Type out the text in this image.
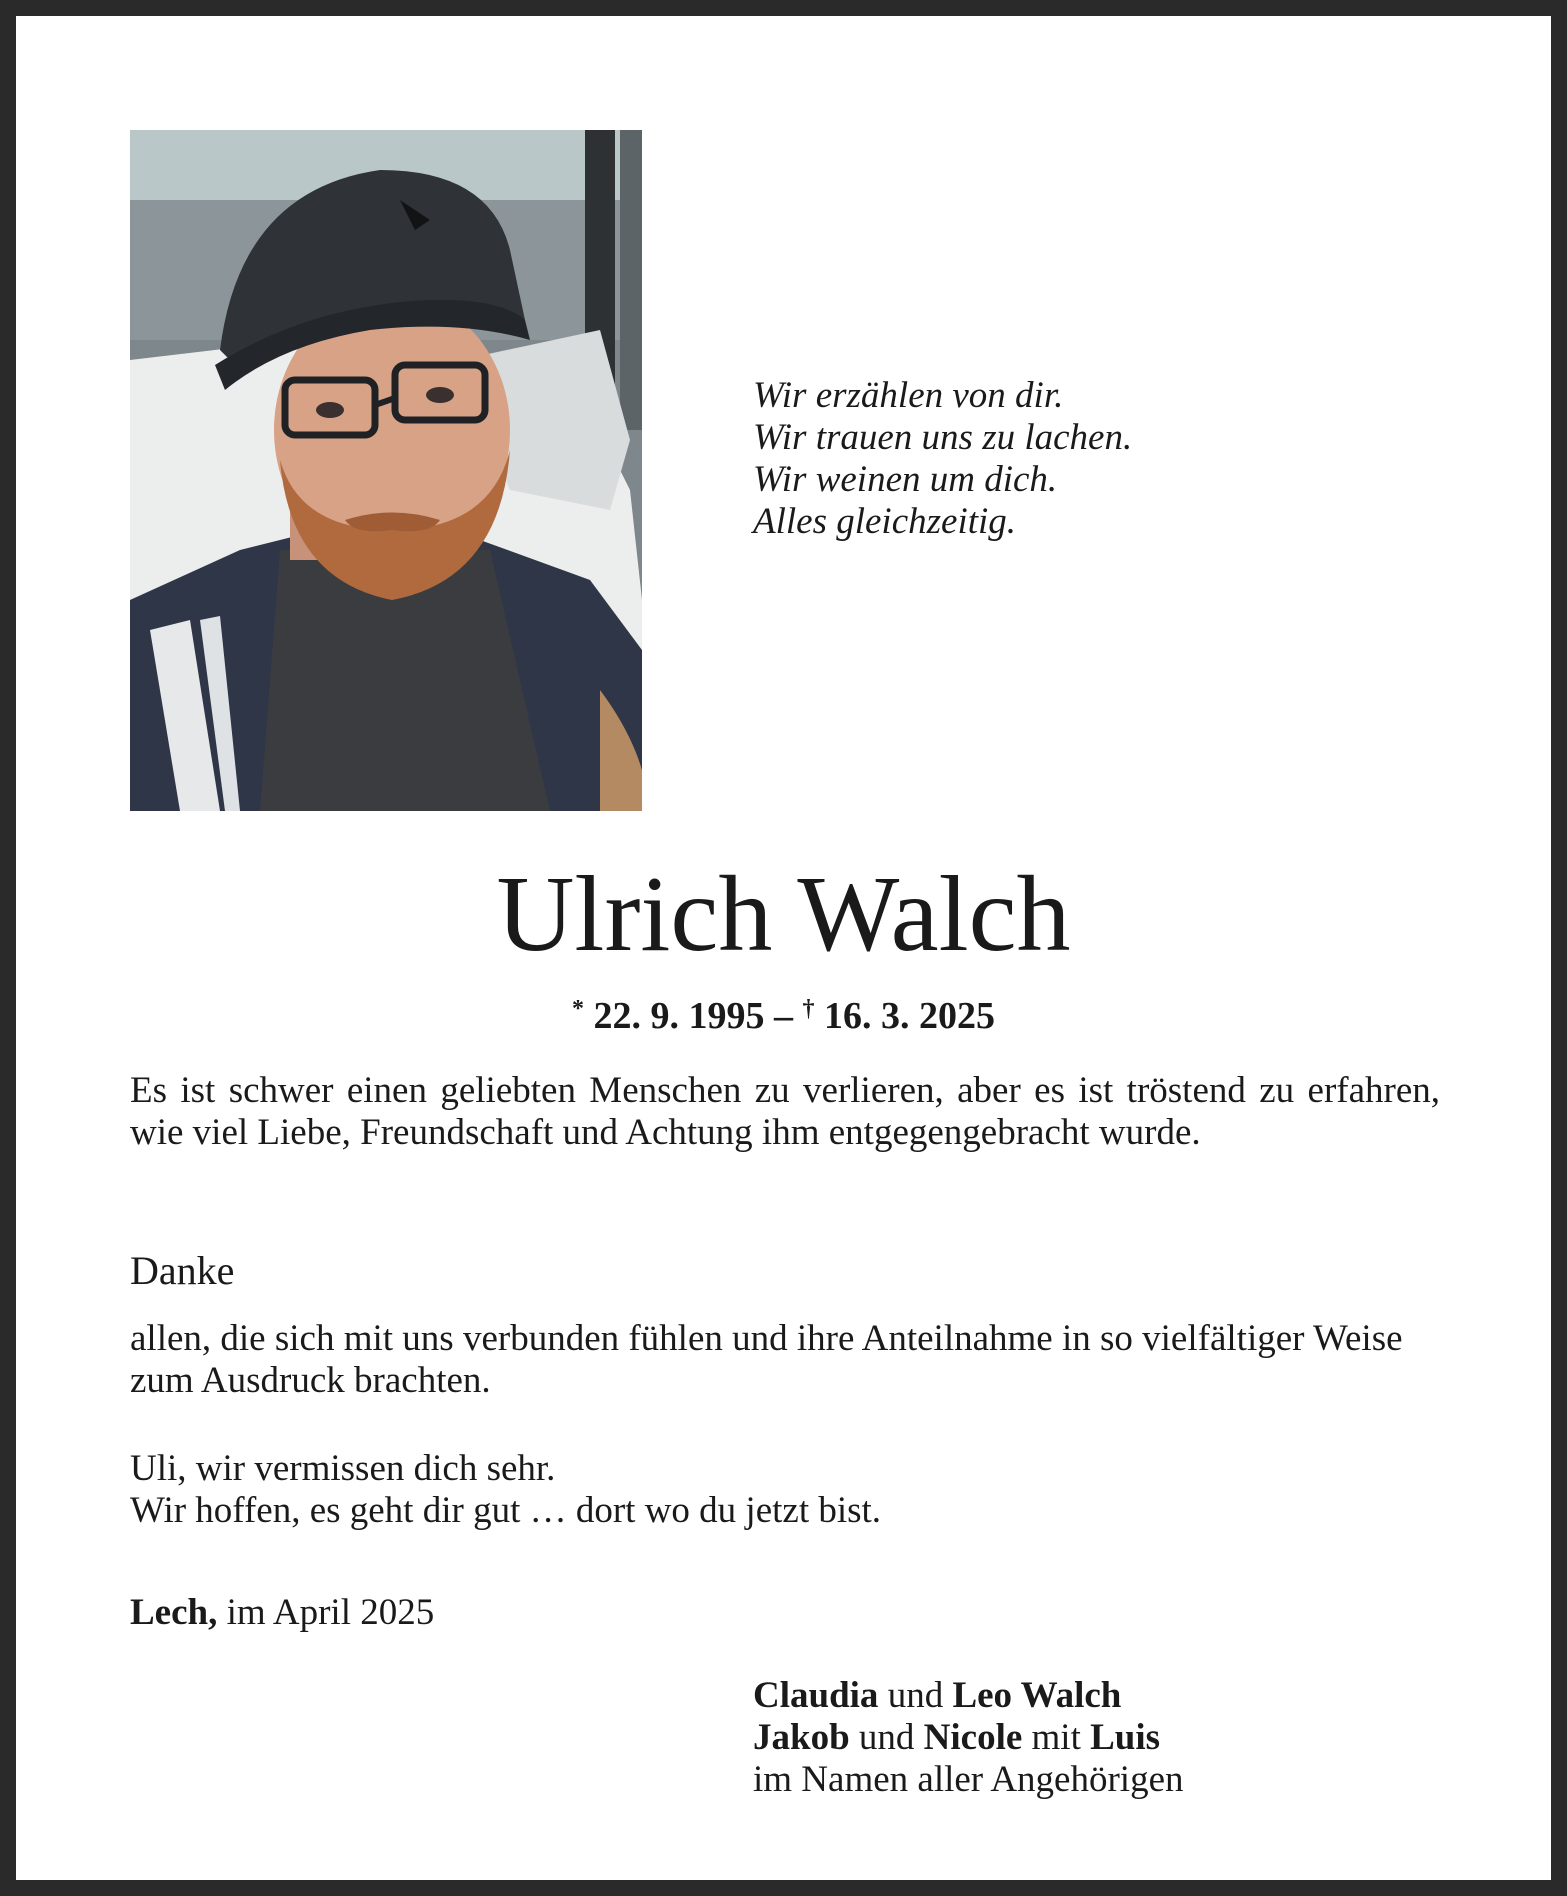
Wir erzählen von dir.
Wir trauen uns zu lachen.
Wir weinen um dich.
Alles gleichzeitig.
Ulrich Walch
* 22. 9. 1995 – † 16. 3. 2025
Es ist schwer einen geliebten Menschen zu verlieren, aber es ist tröstend zu erfahren, wie viel Liebe, Freundschaft und Achtung ihm entgegengebracht wurde.
Danke
allen, die sich mit uns verbunden fühlen und ihre Anteilnahme in so vielfältiger Weise zum Ausdruck brachten.
Uli, wir vermissen dich sehr.
Wir hoffen, es geht dir gut … dort wo du jetzt bist.
Lech, im April 2025
Claudia und Leo Walch
Jakob und Nicole mit Luis
im Namen aller Angehörigen
